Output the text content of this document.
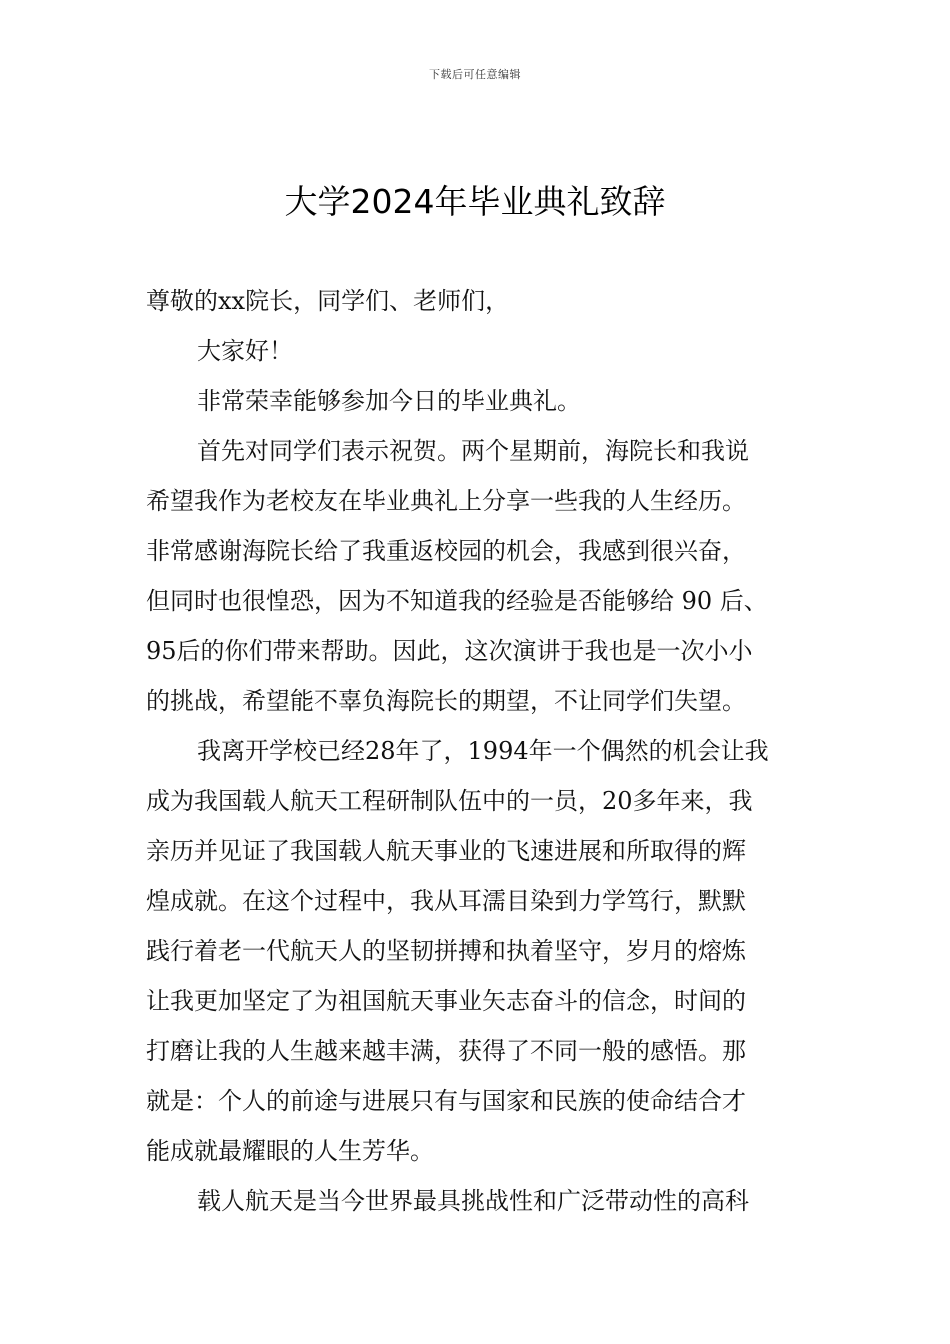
下载后可任意编辑
大学2024年毕业典礼致辞
尊敬的xx院长，同学们、老师们，
大家好！
非常荣幸能够参加今日的毕业典礼。
首先对同学们表示祝贺。两个星期前，海院长和我说
希望我作为老校友在毕业典礼上分享一些我的人生经历。
非常感谢海院长给了我重返校园的机会，我感到很兴奋，
但同时也很惶恐，因为不知道我的经验是否能够给 90 后、
95后的你们带来帮助。因此，这次演讲于我也是一次小小
的挑战，希望能不辜负海院长的期望，不让同学们失望。
我离开学校已经28年了，1994年一个偶然的机会让我
成为我国载人航天工程研制队伍中的一员，20多年来，我
亲历并见证了我国载人航天事业的飞速进展和所取得的辉
煌成就。在这个过程中，我从耳濡目染到力学笃行，默默
践行着老一代航天人的坚韧拼搏和执着坚守，岁月的熔炼
让我更加坚定了为祖国航天事业矢志奋斗的信念，时间的
打磨让我的人生越来越丰满，获得了不同一般的感悟。那
就是：个人的前途与进展只有与国家和民族的使命结合才
能成就最耀眼的人生芳华。
载人航天是当今世界最具挑战性和广泛带动性的高科
